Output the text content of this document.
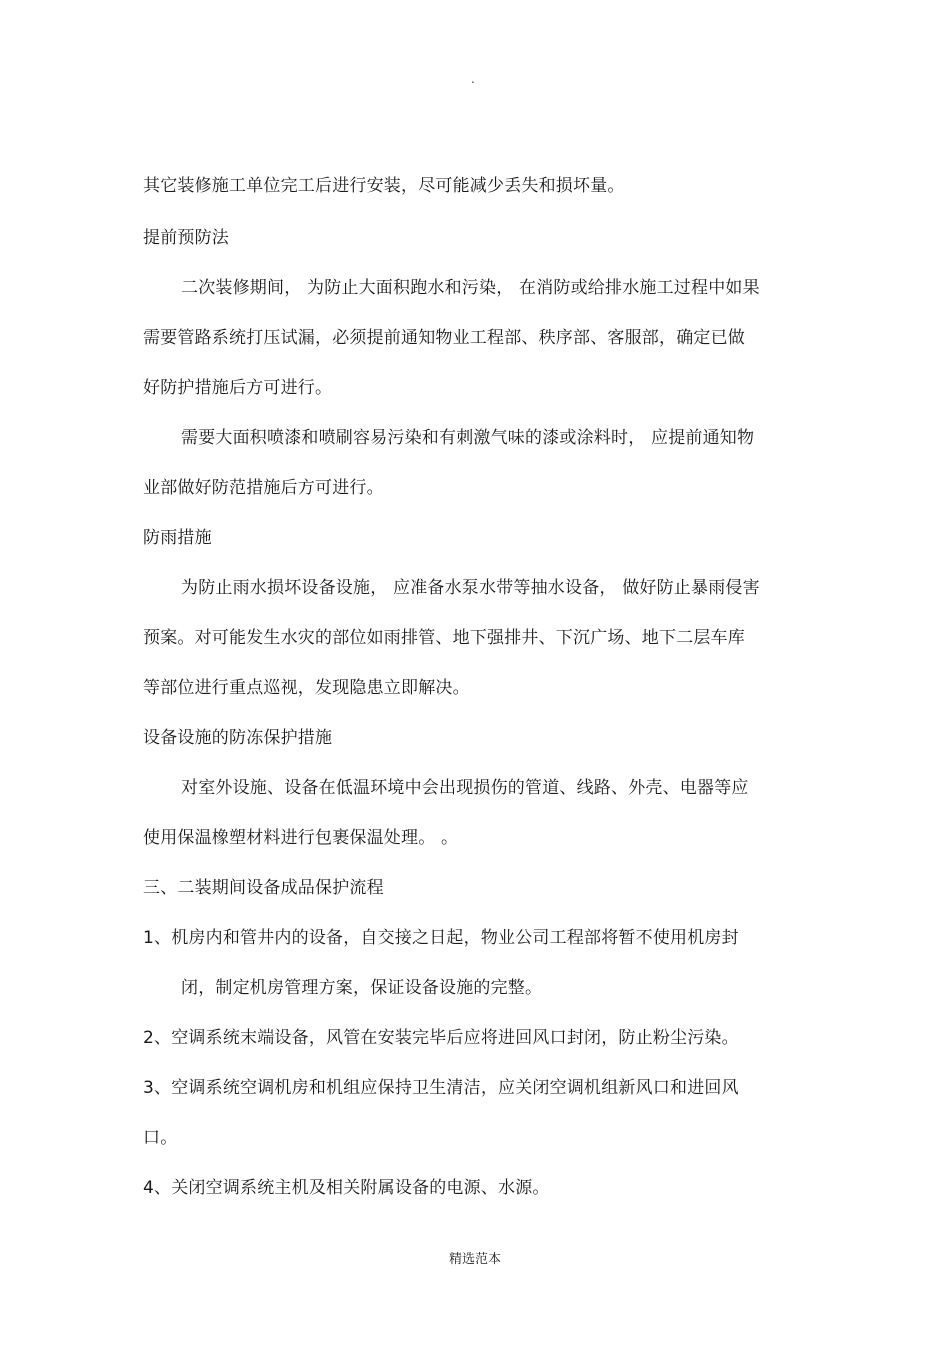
.
其它装修施工单位完工后进行安装，尽可能减少丢失和损坏量。
提前预防法
二次装修期间， 为防止大面积跑水和污染， 在消防或给排水施工过程中如果
需要管路系统打压试漏，必须提前通知物业工程部、秩序部、客服部，确定已做
好防护措施后方可进行。
需要大面积喷漆和喷刷容易污染和有刺激气味的漆或涂料时， 应提前通知物
业部做好防范措施后方可进行。
防雨措施
为防止雨水损坏设备设施， 应准备水泵水带等抽水设备， 做好防止暴雨侵害
预案。对可能发生水灾的部位如雨排管、地下强排井、下沉广场、地下二层车库
等部位进行重点巡视，发现隐患立即解决。
设备设施的防冻保护措施
对室外设施、设备在低温环境中会出现损伤的管道、线路、外壳、电器等应
使用保温橡塑材料进行包裹保温处理。 。
三、二装期间设备成品保护流程
1、机房内和管井内的设备，自交接之日起，物业公司工程部将暂不使用机房封
闭，制定机房管理方案，保证设备设施的完整。
2、空调系统末端设备，风管在安装完毕后应将进回风口封闭，防止粉尘污染。
3、空调系统空调机房和机组应保持卫生清洁，应关闭空调机组新风口和进回风
口。
4、关闭空调系统主机及相关附属设备的电源、水源。
精选范本
